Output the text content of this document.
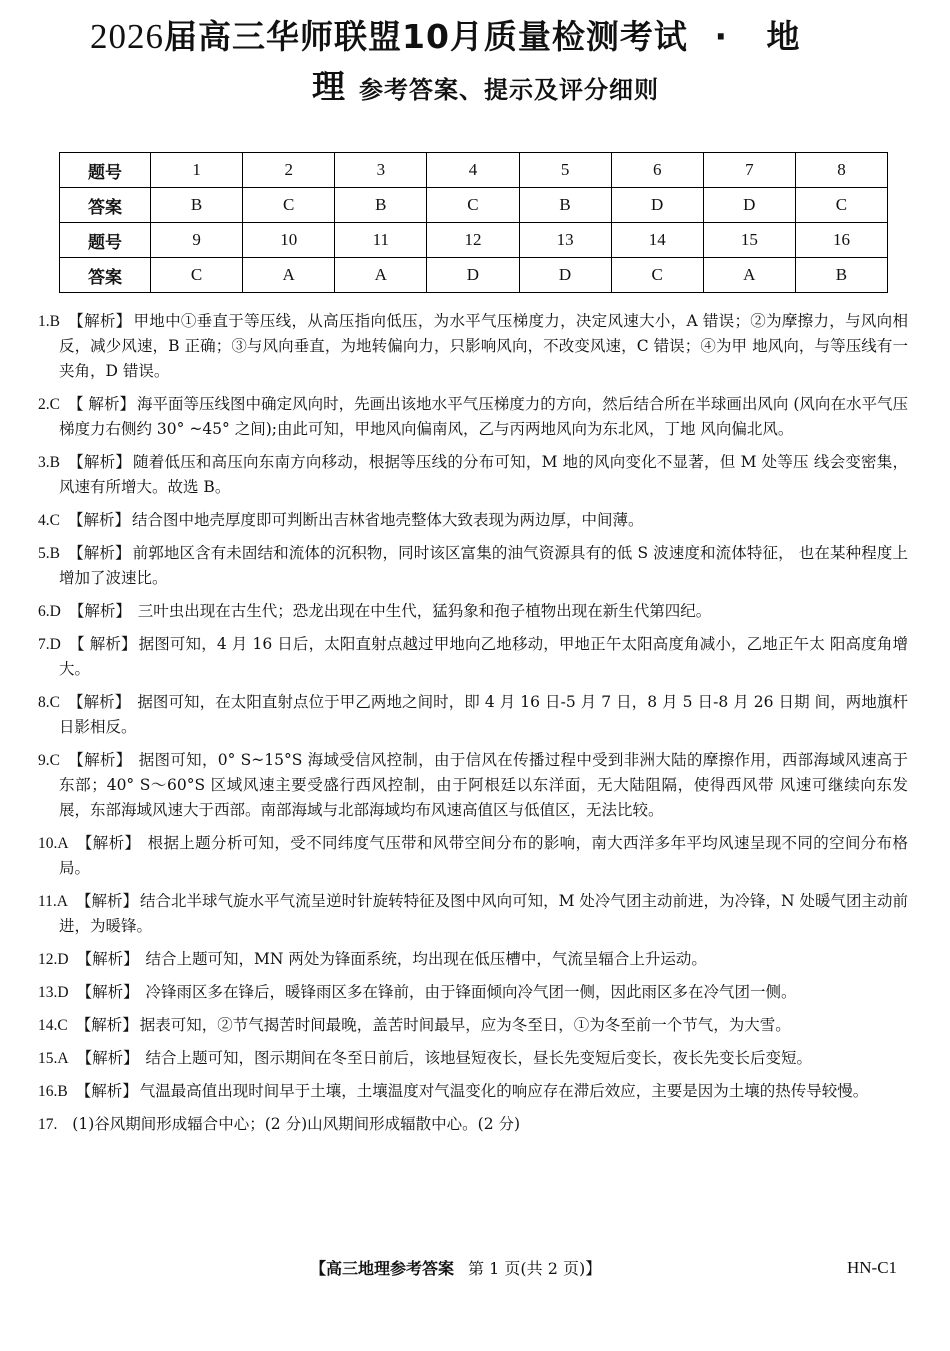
2026届高三华师联盟10月质量检测考试 · 地
理 参考答案、提示及评分细则
题号	1	2	3	4	5	6	7	8
答案	B	C	B	C	B	D	D	C
题号	9	10	11	12	13	14	15	16
答案	C	A	A	D	D	C	A	B
1.B 【解析】 甲地中①垂直于等压线，从高压指向低压，为水平气压梯度力，决定风速大小，A 错误；②为摩擦力，与风向相反，减少风速，B 正确；③与风向垂直，为地转偏向力，只影响风向，不改变风速，C 错误；④为甲 地风向，与等压线有一夹角，D 错误。
2.C 【 解析】 海平面等压线图中确定风向时，先画出该地水平气压梯度力的方向，然后结合所在半球画出风向 (风向在水平气压梯度力右侧约 30° ~45° 之间);由此可知，甲地风向偏南风，乙与丙两地风向为东北风，丁地 风向偏北风。
3.B 【解析】 随着低压和高压向东南方向移动，根据等压线的分布可知，M 地的风向变化不显著，但 M 处等压 线会变密集，风速有所增大。故选 B。
4.C 【解析】 结合图中地壳厚度即可判断出吉林省地壳整体大致表现为两边厚，中间薄。
5.B 【解析】 前郭地区含有未固结和流体的沉积物，同时该区富集的油气资源具有的低 S 波速度和流体特征， 也在某种程度上增加了波速比。
6.D 【解析】 三叶虫出现在古生代；恐龙出现在中生代，猛犸象和孢子植物出现在新生代第四纪。
7.D 【 解析】 据图可知，4 月 16 日后，太阳直射点越过甲地向乙地移动，甲地正午太阳高度角减小，乙地正午太 阳高度角增大。
8.C 【解析】 据图可知，在太阳直射点位于甲乙两地之间时，即 4 月 16 日-5 月 7 日，8 月 5 日-8 月 26 日期 间，两地旗杆日影相反。
9.C 【解析】 据图可知，0° S~15°S 海域受信风控制，由于信风在传播过程中受到非洲大陆的摩擦作用，西部海域风速高于东部；40° S～60°S 区域风速主要受盛行西风控制，由于阿根廷以东洋面，无大陆阻隔，使得西风带 风速可继续向东发展，东部海域风速大于西部。南部海域与北部海域均布风速高值区与低值区，无法比较。
10.A 【解析】 根据上题分析可知，受不同纬度气压带和风带空间分布的影响，南大西洋多年平均风速呈现不同的空间分布格局。
11.A 【解析】 结合北半球气旋水平气流呈逆时针旋转特征及图中风向可知，M 处冷气团主动前进，为冷锋，N 处暖气团主动前进，为暖锋。
12.D 【解析】 结合上题可知，MN 两处为锋面系统，均出现在低压槽中，气流呈辐合上升运动。
13.D 【解析】 冷锋雨区多在锋后，暖锋雨区多在锋前，由于锋面倾向冷气团一侧，因此雨区多在冷气团一侧。
14.C 【解析】 据表可知，②节气揭苦时间最晚，盖苦时间最早，应为冬至日，①为冬至前一个节气，为大雪。
15.A 【解析】 结合上题可知，图示期间在冬至日前后，该地昼短夜长，昼长先变短后变长，夜长先变长后变短。
16.B 【解析】 气温最高值出现时间早于土壤，土壤温度对气温变化的响应存在滞后效应，主要是因为土壤的热传导较慢。
17. (1)谷风期间形成辐合中心；(2 分)山风期间形成辐散中心。(2 分)
【高三地理参考答案 第 1 页(共 2 页)】	HN-C1
